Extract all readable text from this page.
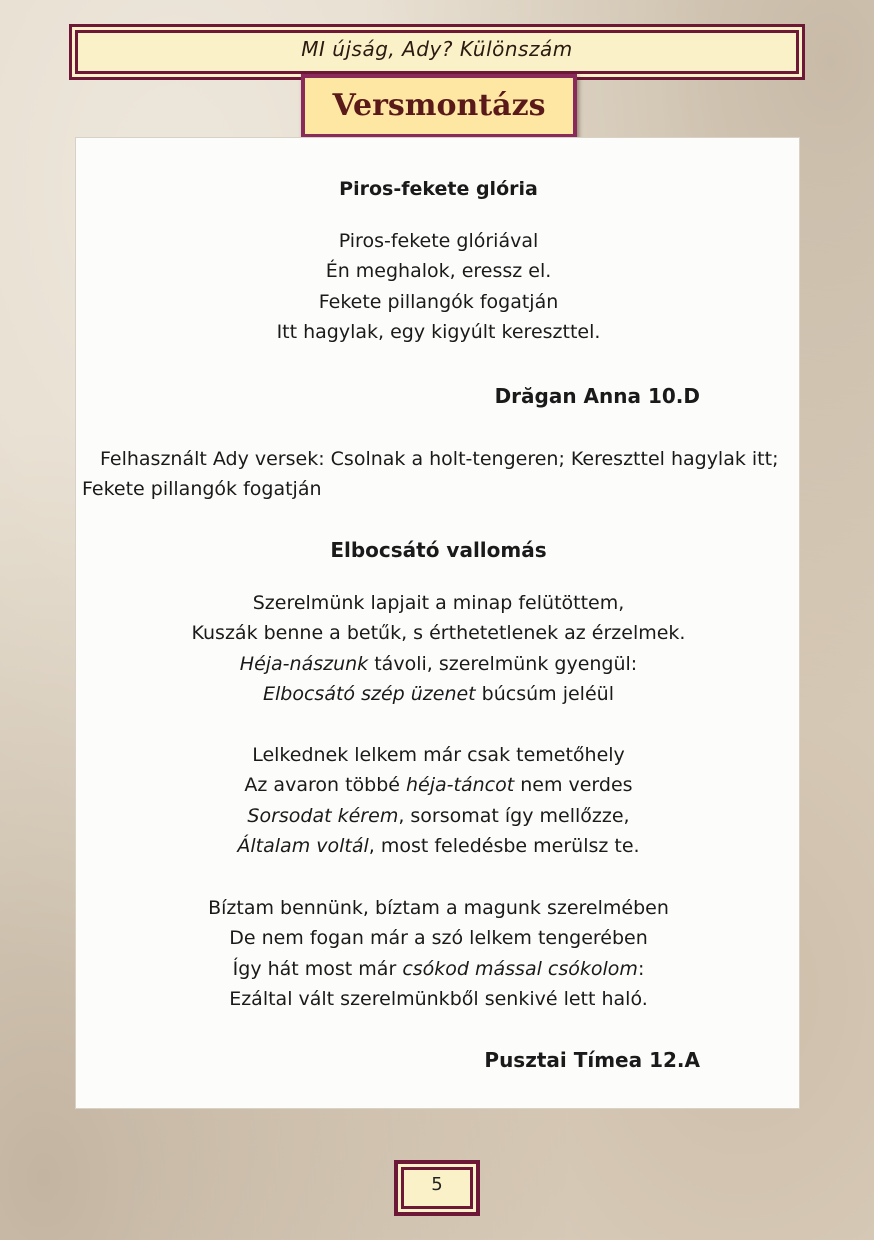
MI újság, Ady? Különszám
Versmontázs
Piros-fekete glória
Piros-fekete glóriával
Én meghalok, eressz el.
Fekete pillangók fogatján
Itt hagylak, egy kigyúlt kereszttel.
Drăgan Anna 10.D
Felhasznált Ady versek: Csolnak a holt-tengeren; Kereszttel hagylak itt; Fekete pillangók fogatján
Elbocsátó vallomás
Szerelmünk lapjait a minap felütöttem,
Kuszák benne a betűk, s érthetetlenek az érzelmek.
Héja-nászunk távoli, szerelmünk gyengül:
Elbocsátó szép üzenet búcsúm jeléül
Lelkednek lelkem már csak temetőhely
Az avaron többé héja-táncot nem verdes
Sorsodat kérem, sorsomat így mellőzze,
Általam voltál, most feledésbe merülsz te.
Bíztam bennünk, bíztam a magunk szerelmében
De nem fogan már a szó lelkem tengerében
Így hát most már csókod mással csókolom:
Ezáltal vált szerelmünkből senkivé lett haló.
Pusztai Tímea 12.A
5
